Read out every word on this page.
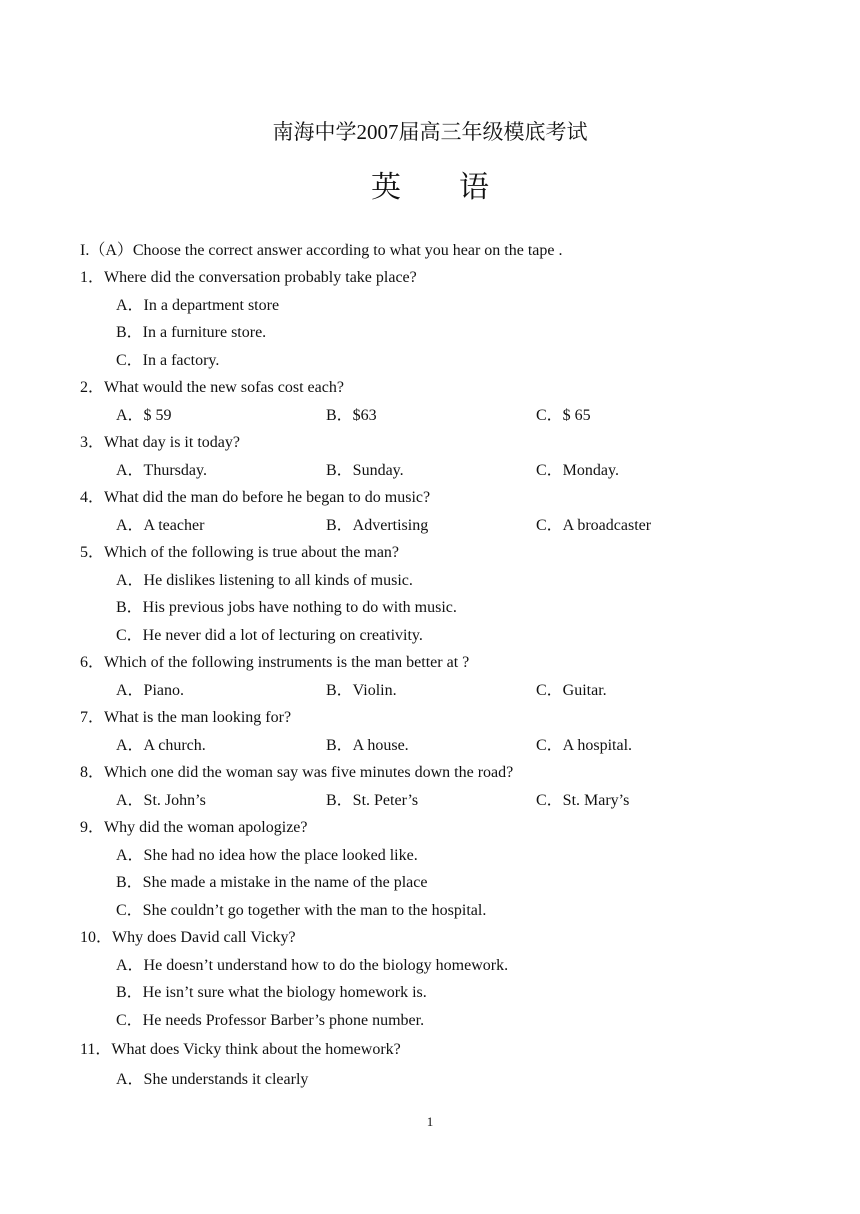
南海中学2007届高三年级模底考试
英 语
I.（A）Choose the correct answer according to what you hear on the tape .
1．Where did the conversation probably take place?
A．In a department store
B．In a furniture store.
C．In a factory.
2．What would the new sofas cost each?
A．$ 59	B．$63	C．$ 65
3．What day is it today?
A．Thursday.	B．Sunday.	C．Monday.
4．What did the man do before he began to do music?
A．A teacher	B．Advertising	C．A broadcaster
5．Which of the following is true about the man?
A．He dislikes listening to all kinds of music.
B．His previous jobs have nothing to do with music.
C．He never did a lot of lecturing on creativity.
6．Which of the following instruments is the man better at ?
A．Piano.	B．Violin.	C．Guitar.
7．What is the man looking for?
A．A church.	B．A house.	C．A hospital.
8．Which one did the woman say was five minutes down the road?
A．St. John’s	B．St. Peter’s	C．St. Mary’s
9．Why did the woman apologize?
A．She had no idea how the place looked like.
B．She made a mistake in the name of the place
C．She couldn’t go together with the man to the hospital.
10．Why does David call Vicky?
A．He doesn’t understand how to do the biology homework.
B．He isn’t sure what the biology homework is.
C．He needs Professor Barber’s phone number.
11．What does Vicky think about the homework?
A．She understands it clearly
1
